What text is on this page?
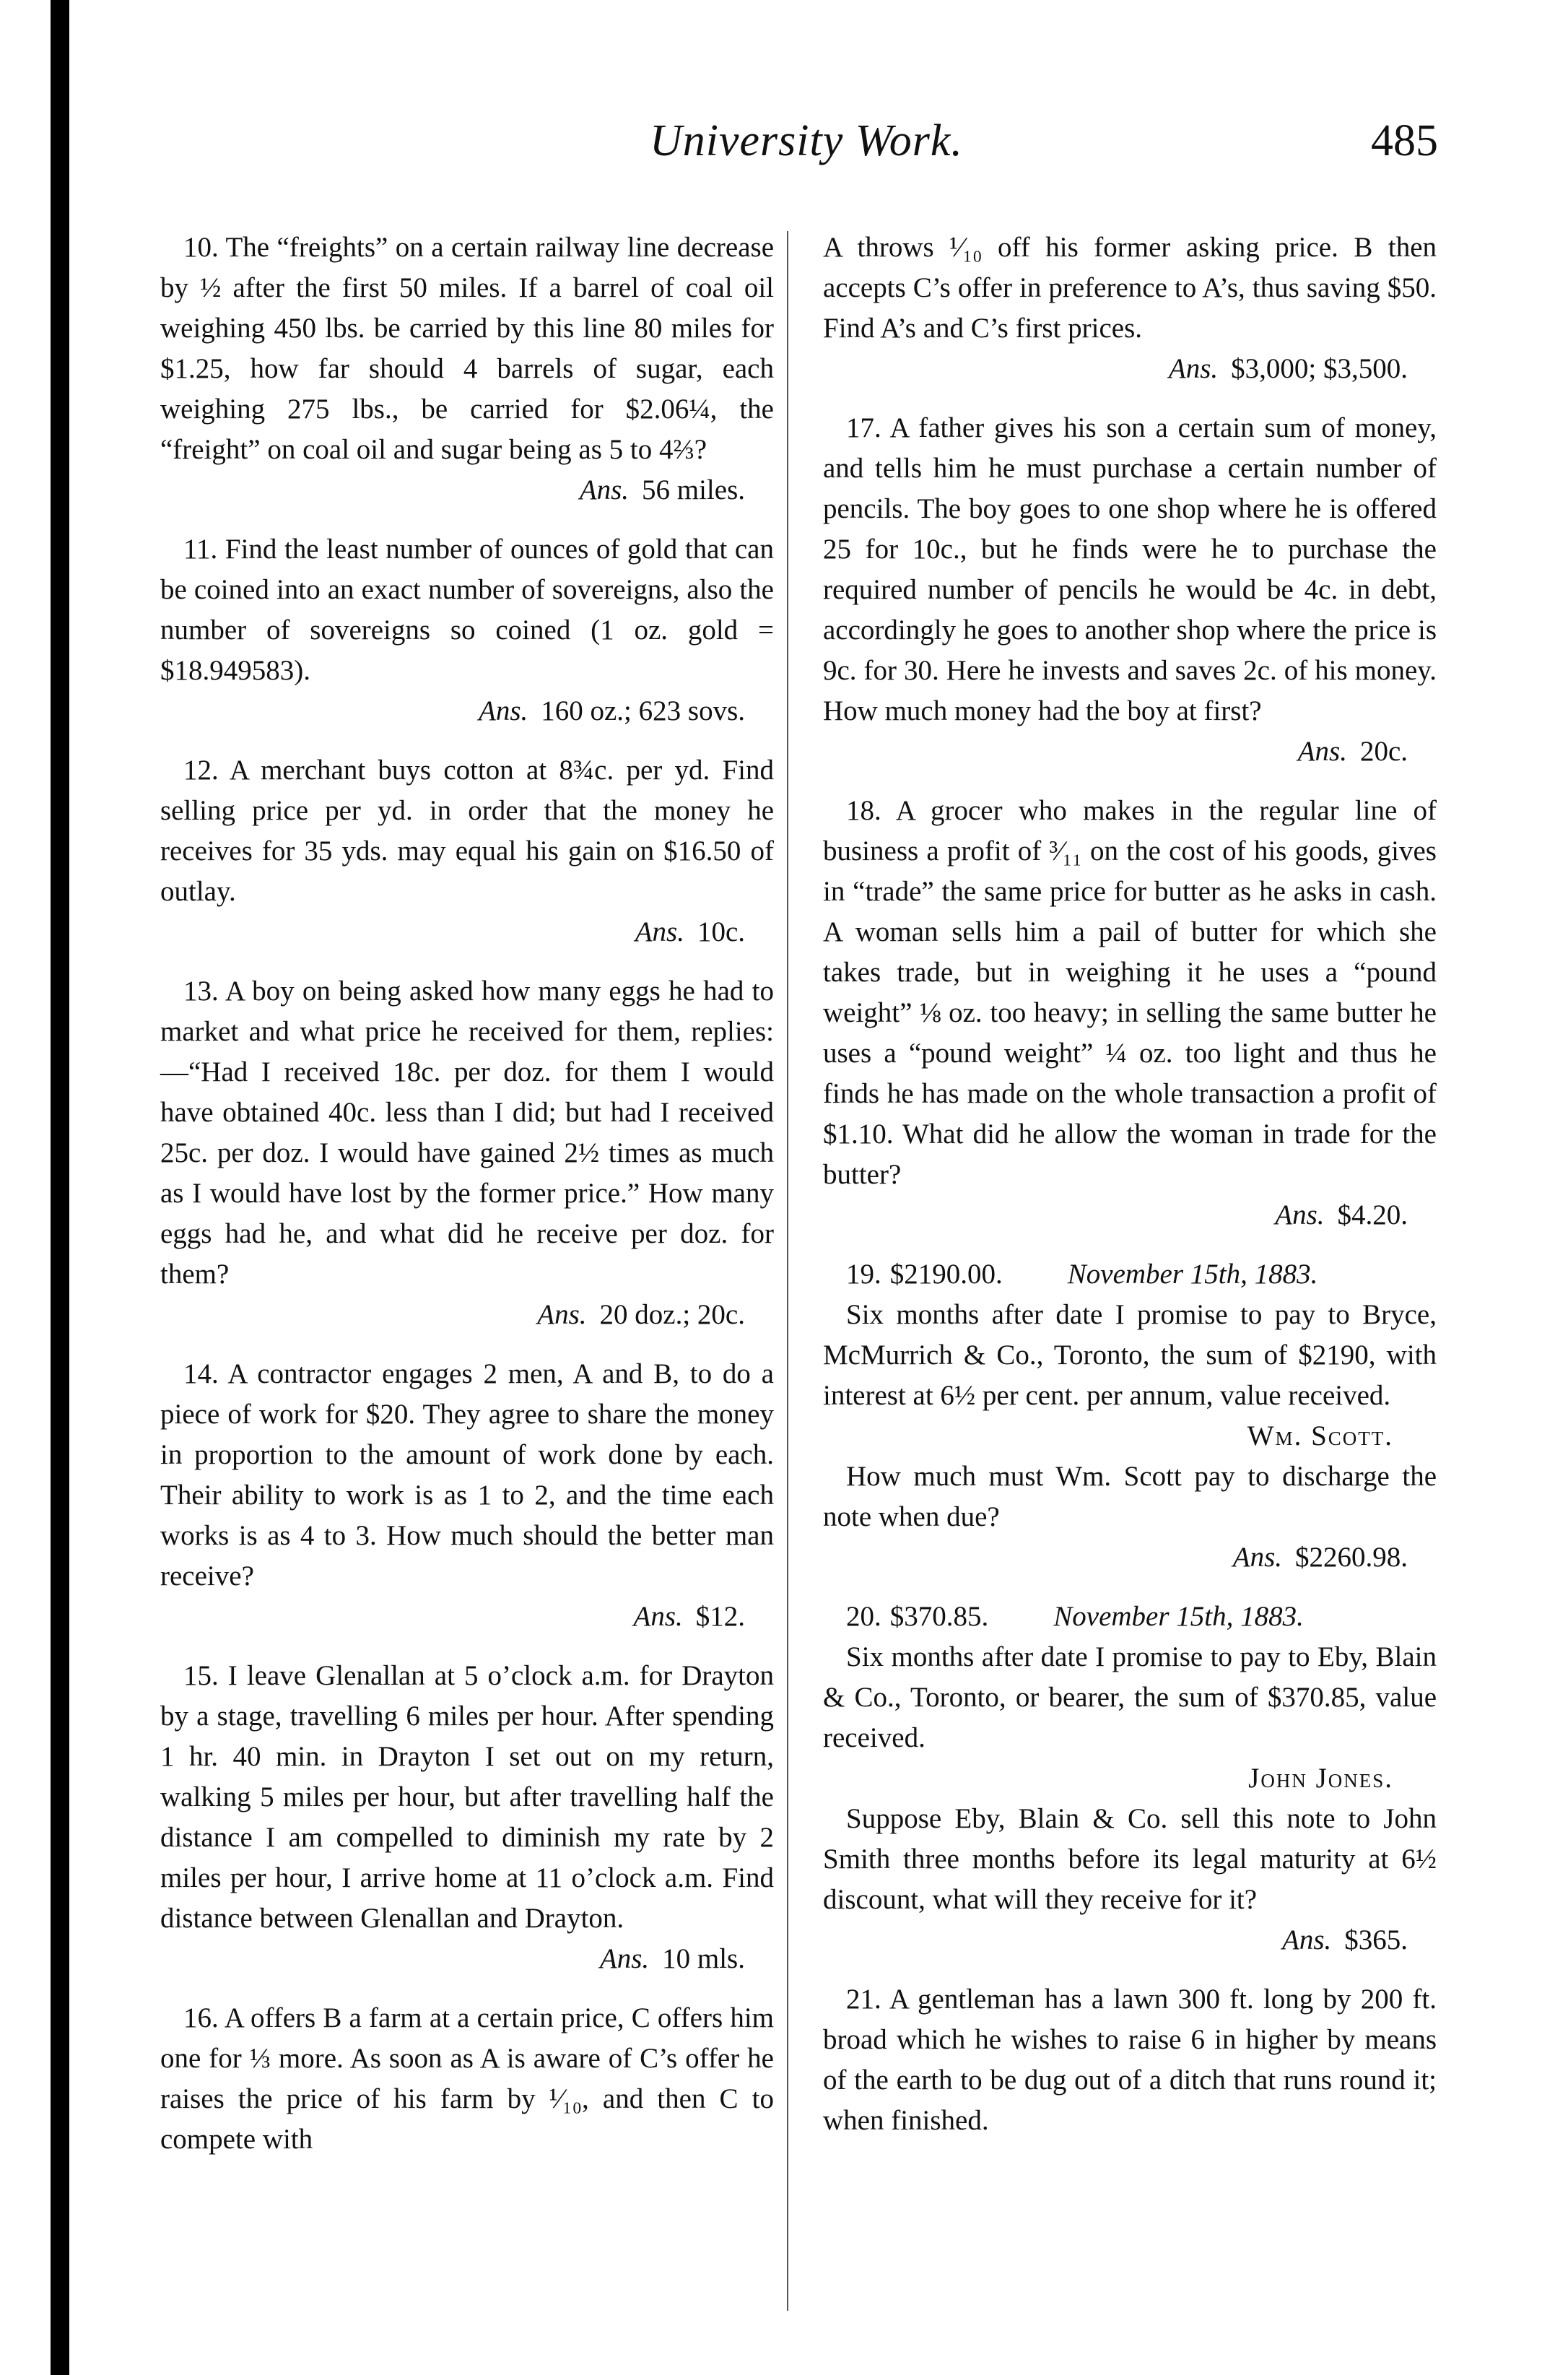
University Work.	485

10. The “freights” on a certain railway line decrease by ½ after the first 50 miles. If a barrel of coal oil weighing 450 lbs. be carried by this line 80 miles for $1.25, how far should 4 barrels of sugar, each weighing 275 lbs., be carried for $2.06¼, the “freight” on coal oil and sugar being as 5 to 4⅔?

Ans. 56 miles.

11. Find the least number of ounces of gold that can be coined into an exact number of sovereigns, also the number of sovereigns so coined (1 oz. gold = $18.949583).

Ans. 160 oz.; 623 sovs.

12. A merchant buys cotton at 8¾c. per yd. Find selling price per yd. in order that the money he receives for 35 yds. may equal his gain on $16.50 of outlay.

Ans. 10c.

13. A boy on being asked how many eggs he had to market and what price he received for them, replies:—“Had I received 18c. per doz. for them I would have obtained 40c. less than I did; but had I received 25c. per doz. I would have gained 2½ times as much as I would have lost by the former price.” How many eggs had he, and what did he receive per doz. for them?

Ans. 20 doz.; 20c.

14. A contractor engages 2 men, A and B, to do a piece of work for $20. They agree to share the money in proportion to the amount of work done by each. Their ability to work is as 1 to 2, and the time each works is as 4 to 3. How much should the better man receive?

Ans. $12.

15. I leave Glenallan at 5 o’clock a.m. for Drayton by a stage, travelling 6 miles per hour. After spending 1 hr. 40 min. in Drayton I set out on my return, walking 5 miles per hour, but after travelling half the distance I am compelled to diminish my rate by 2 miles per hour, I arrive home at 11 o’clock a.m. Find distance between Glenallan and Drayton.

Ans. 10 mls.

16. A offers B a farm at a certain price, C offers him one for ⅓ more. As soon as A is aware of C’s offer he raises the price of his farm by ¹⁄₁₀, and then C to compete with

A throws ¹⁄₁₀ off his former asking price. B then accepts C’s offer in preference to A’s, thus saving $50. Find A’s and C’s first prices.

Ans. $3,000; $3,500.

17. A father gives his son a certain sum of money, and tells him he must purchase a certain number of pencils. The boy goes to one shop where he is offered 25 for 10c., but he finds were he to purchase the required number of pencils he would be 4c. in debt, accordingly he goes to another shop where the price is 9c. for 30. Here he invests and saves 2c. of his money. How much money had the boy at first?

Ans. 20c.

18. A grocer who makes in the regular line of business a profit of ³⁄₁₁ on the cost of his goods, gives in “trade” the same price for butter as he asks in cash. A woman sells him a pail of butter for which she takes trade, but in weighing it he uses a “pound weight” ⅛ oz. too heavy; in selling the same butter he uses a “pound weight” ¼ oz. too light and thus he finds he has made on the whole transaction a profit of $1.10. What did he allow the woman in trade for the butter?

Ans. $4.20.

19. $2190.00. November 15th, 1883.

Six months after date I promise to pay to Bryce, McMurrich & Co., Toronto, the sum of $2190, with interest at 6½ per cent. per annum, value received.

Wm. Scott.

How much must Wm. Scott pay to discharge the note when due?

Ans. $2260.98.

20. $370.85. November 15th, 1883.

Six months after date I promise to pay to Eby, Blain & Co., Toronto, or bearer, the sum of $370.85, value received.

John Jones.

Suppose Eby, Blain & Co. sell this note to John Smith three months before its legal maturity at 6½ discount, what will they receive for it?

Ans. $365.

21. A gentleman has a lawn 300 ft. long by 200 ft. broad which he wishes to raise 6 in higher by means of the earth to be dug out of a ditch that runs round it; when finished.
